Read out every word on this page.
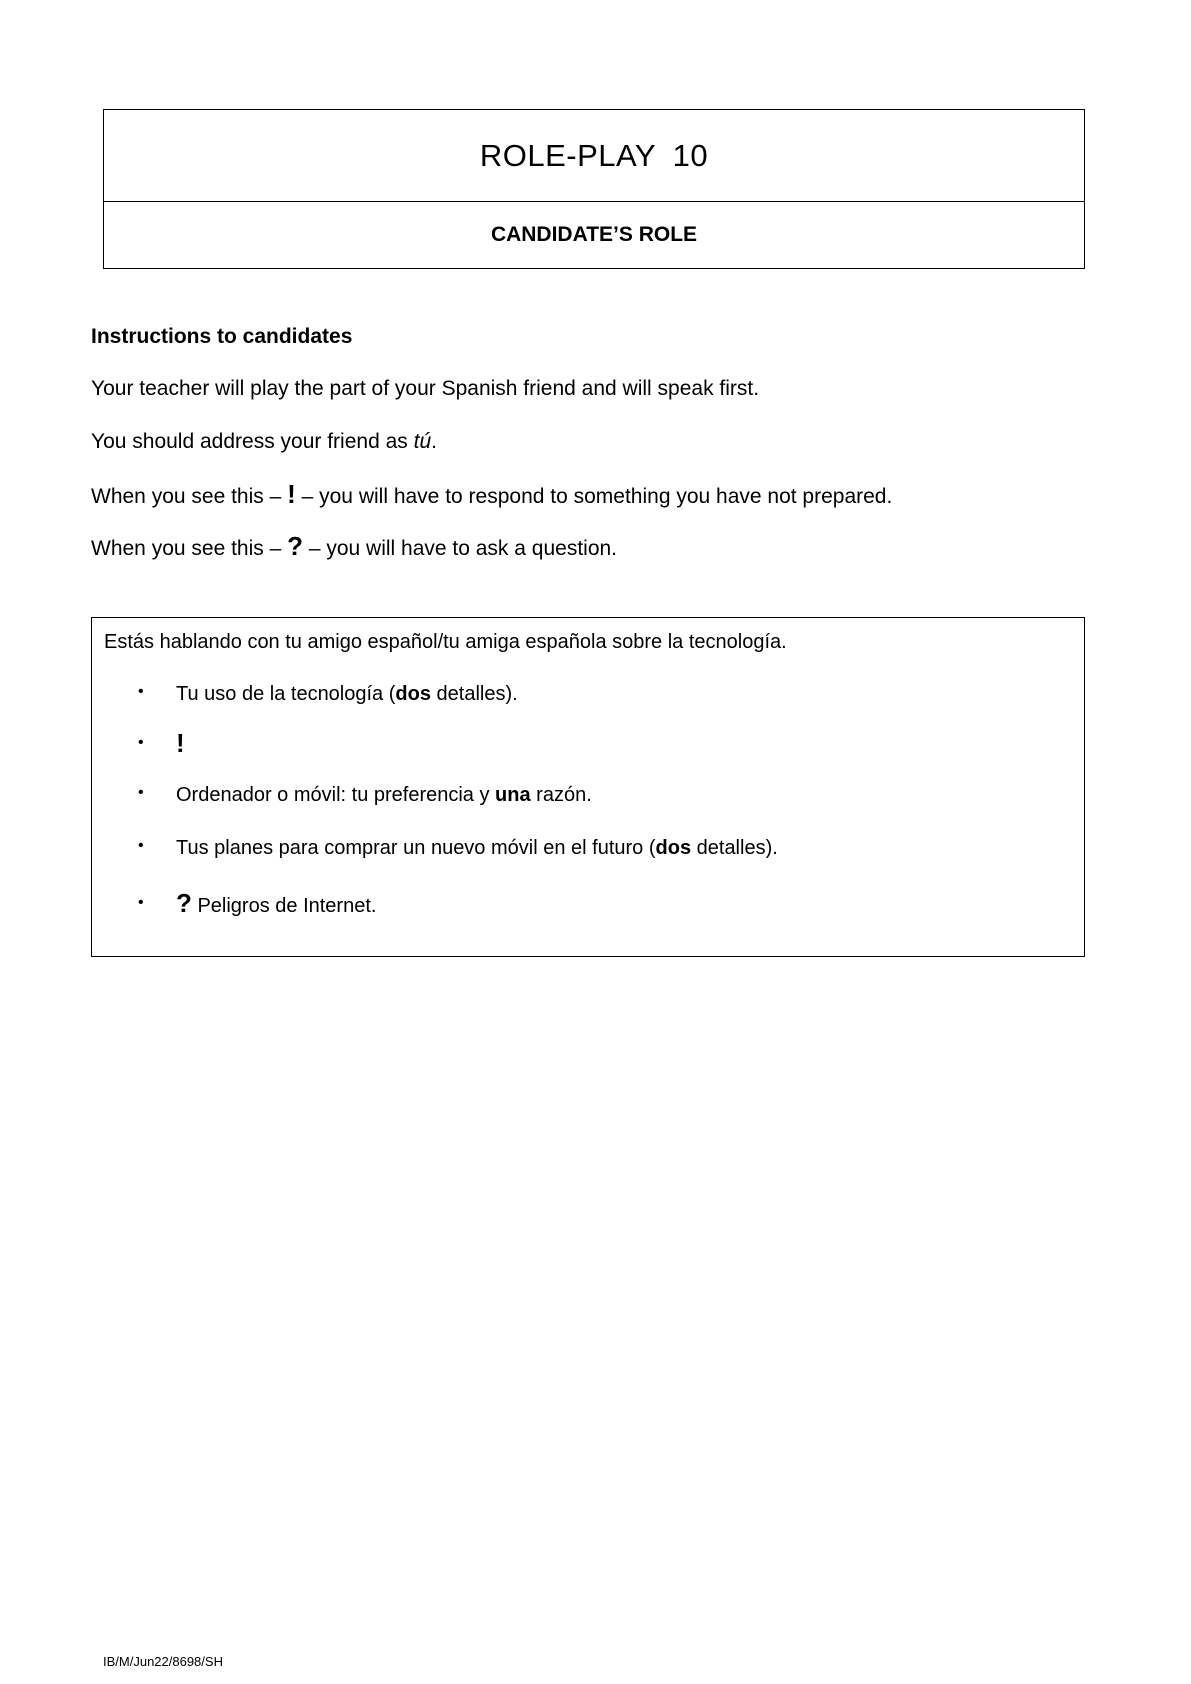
ROLE-PLAY 10
CANDIDATE’S ROLE
Instructions to candidates
Your teacher will play the part of your Spanish friend and will speak first.
You should address your friend as tú.
When you see this – ! – you will have to respond to something you have not prepared.
When you see this – ? – you will have to ask a question.
Estás hablando con tu amigo español/tu amiga española sobre la tecnología.
• Tu uso de la tecnología (dos detalles).
• !
• Ordenador o móvil: tu preferencia y una razón.
• Tus planes para comprar un nuevo móvil en el futuro (dos detalles).
• ? Peligros de Internet.
IB/M/Jun22/8698/SH
